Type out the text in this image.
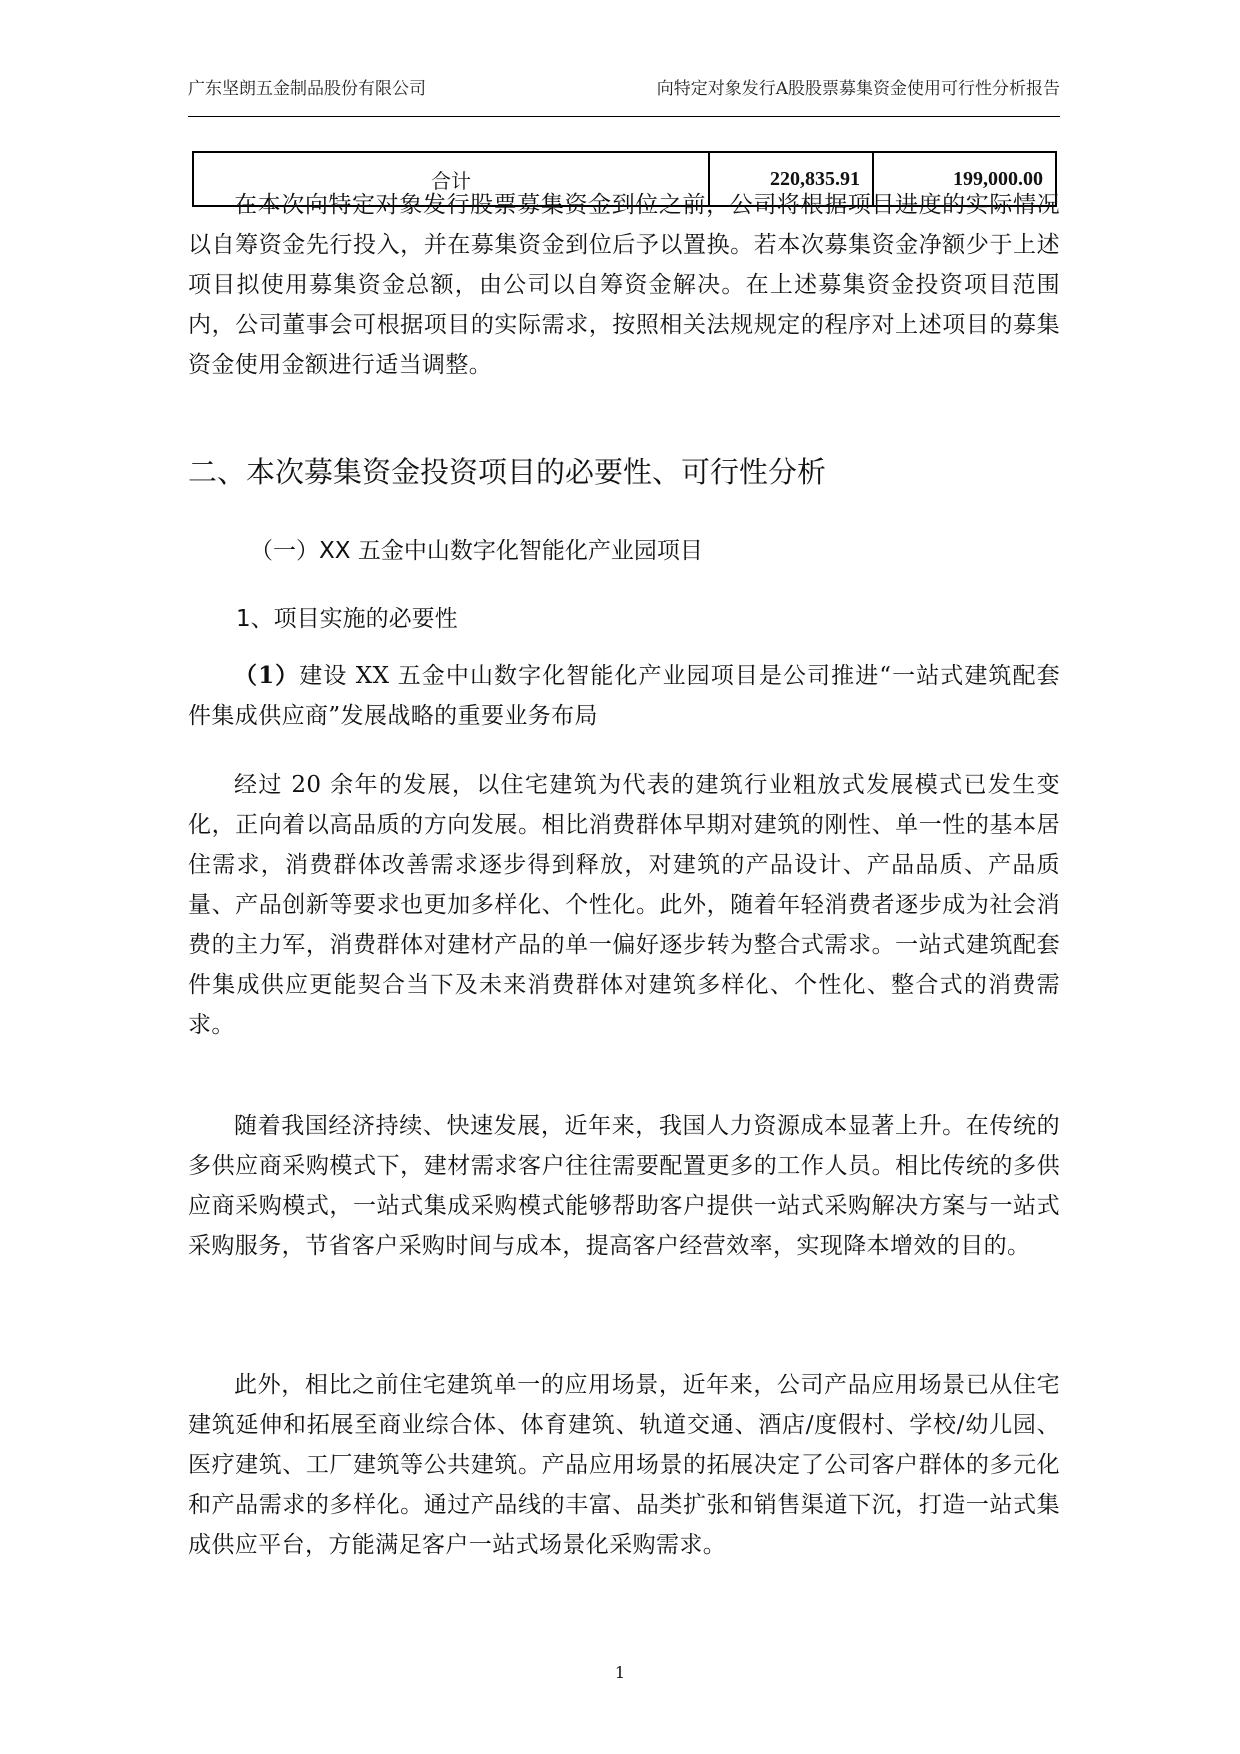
广东坚朗五金制品股份有限公司	向特定对象发行A股股票募集资金使用可行性分析报告
合计	220,835.91	199,000.00

在本次向特定对象发行股票募集资金到位之前，公司将根据项目进度的实际情况以自筹资金先行投入，并在募集资金到位后予以置换。若本次募集资金净额少于上述项目拟使用募集资金总额，由公司以自筹资金解决。在上述募集资金投资项目范围内，公司董事会可根据项目的实际需求，按照相关法规规定的程序对上述项目的募集资金使用金额进行适当调整。

二、本次募集资金投资项目的必要性、可行性分析
（一）XX 五金中山数字化智能化产业园项目
1、项目实施的必要性

（1）建设 XX 五金中山数字化智能化产业园项目是公司推进“一站式建筑配套件集成供应商”发展战略的重要业务布局

经过 20 余年的发展，以住宅建筑为代表的建筑行业粗放式发展模式已发生变化，正向着以高品质的方向发展。相比消费群体早期对建筑的刚性、单一性的基本居住需求，消费群体改善需求逐步得到释放，对建筑的产品设计、产品品质、产品质量、产品创新等要求也更加多样化、个性化。此外，随着年轻消费者逐步成为社会消费的主力军，消费群体对建材产品的单一偏好逐步转为整合式需求。一站式建筑配套件集成供应更能契合当下及未来消费群体对建筑多样化、个性化、整合式的消费需求。

随着我国经济持续、快速发展，近年来，我国人力资源成本显著上升。在传统的多供应商采购模式下，建材需求客户往往需要配置更多的工作人员。相比传统的多供应商采购模式，一站式集成采购模式能够帮助客户提供一站式采购解决方案与一站式采购服务，节省客户采购时间与成本，提高客户经营效率，实现降本增效的目的。

此外，相比之前住宅建筑单一的应用场景，近年来，公司产品应用场景已从住宅建筑延伸和拓展至商业综合体、体育建筑、轨道交通、酒店/度假村、学校/幼儿园、医疗建筑、工厂建筑等公共建筑。产品应用场景的拓展决定了公司客户群体的多元化和产品需求的多样化。通过产品线的丰富、品类扩张和销售渠道下沉，打造一站式集成供应平台，方能满足客户一站式场景化采购需求。

1
